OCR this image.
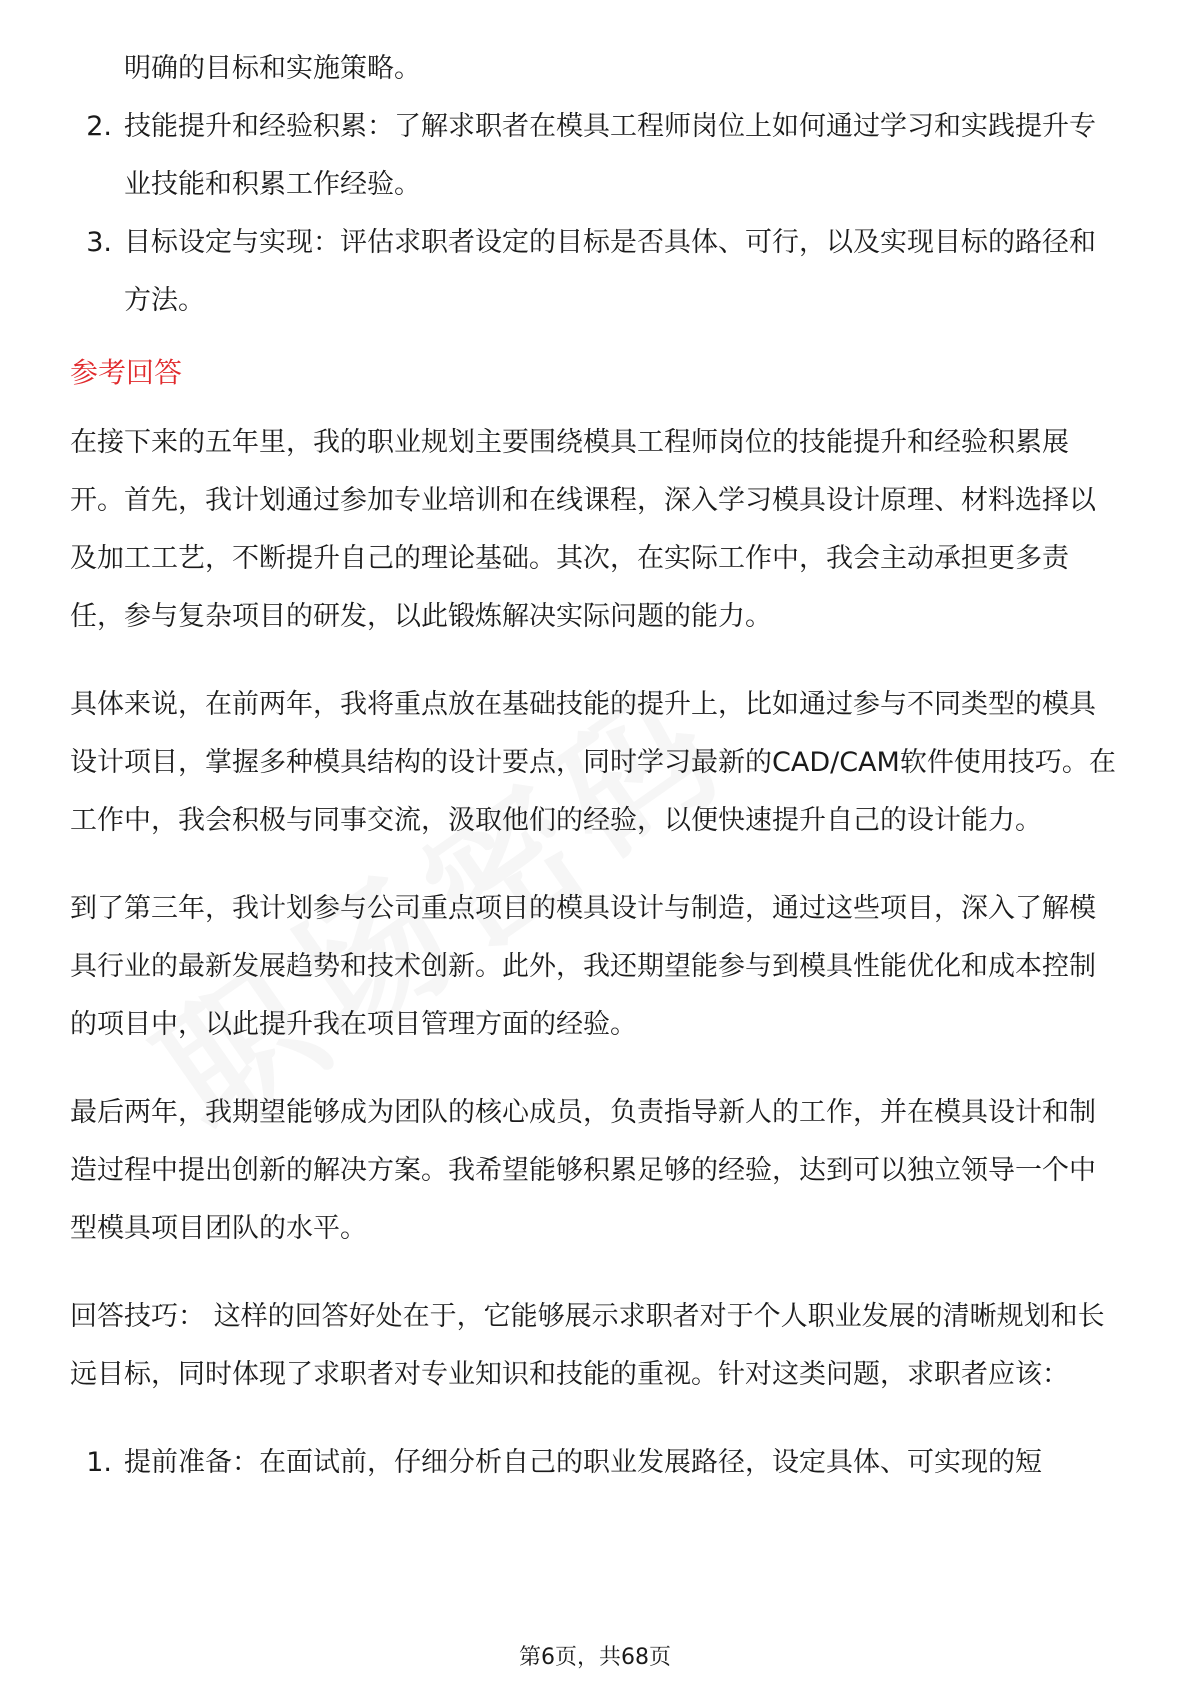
明确的目标和实施策略。
2. 技能提升和经验积累：了解求职者在模具工程师岗位上如何通过学习和实践提升专业技能和积累工作经验。
3. 目标设定与实现：评估求职者设定的目标是否具体、可行，以及实现目标的路径和方法。
参考回答
在接下来的五年里，我的职业规划主要围绕模具工程师岗位的技能提升和经验积累展开。首先，我计划通过参加专业培训和在线课程，深入学习模具设计原理、材料选择以及加工工艺，不断提升自己的理论基础。其次，在实际工作中，我会主动承担更多责任，参与复杂项目的研发，以此锻炼解决实际问题的能力。
具体来说，在前两年，我将重点放在基础技能的提升上，比如通过参与不同类型的模具设计项目，掌握多种模具结构的设计要点，同时学习最新的CAD/CAM软件使用技巧。在工作中，我会积极与同事交流，汲取他们的经验，以便快速提升自己的设计能力。
到了第三年，我计划参与公司重点项目的模具设计与制造，通过这些项目，深入了解模具行业的最新发展趋势和技术创新。此外，我还期望能参与到模具性能优化和成本控制的项目中，以此提升我在项目管理方面的经验。
最后两年，我期望能够成为团队的核心成员，负责指导新人的工作，并在模具设计和制造过程中提出创新的解决方案。我希望能够积累足够的经验，达到可以独立领导一个中型模具项目团队的水平。
回答技巧： 这样的回答好处在于，它能够展示求职者对于个人职业发展的清晰规划和长远目标，同时体现了求职者对专业知识和技能的重视。针对这类问题，求职者应该：
1. 提前准备：在面试前，仔细分析自己的职业发展路径，设定具体、可实现的短
第6页，共68页
